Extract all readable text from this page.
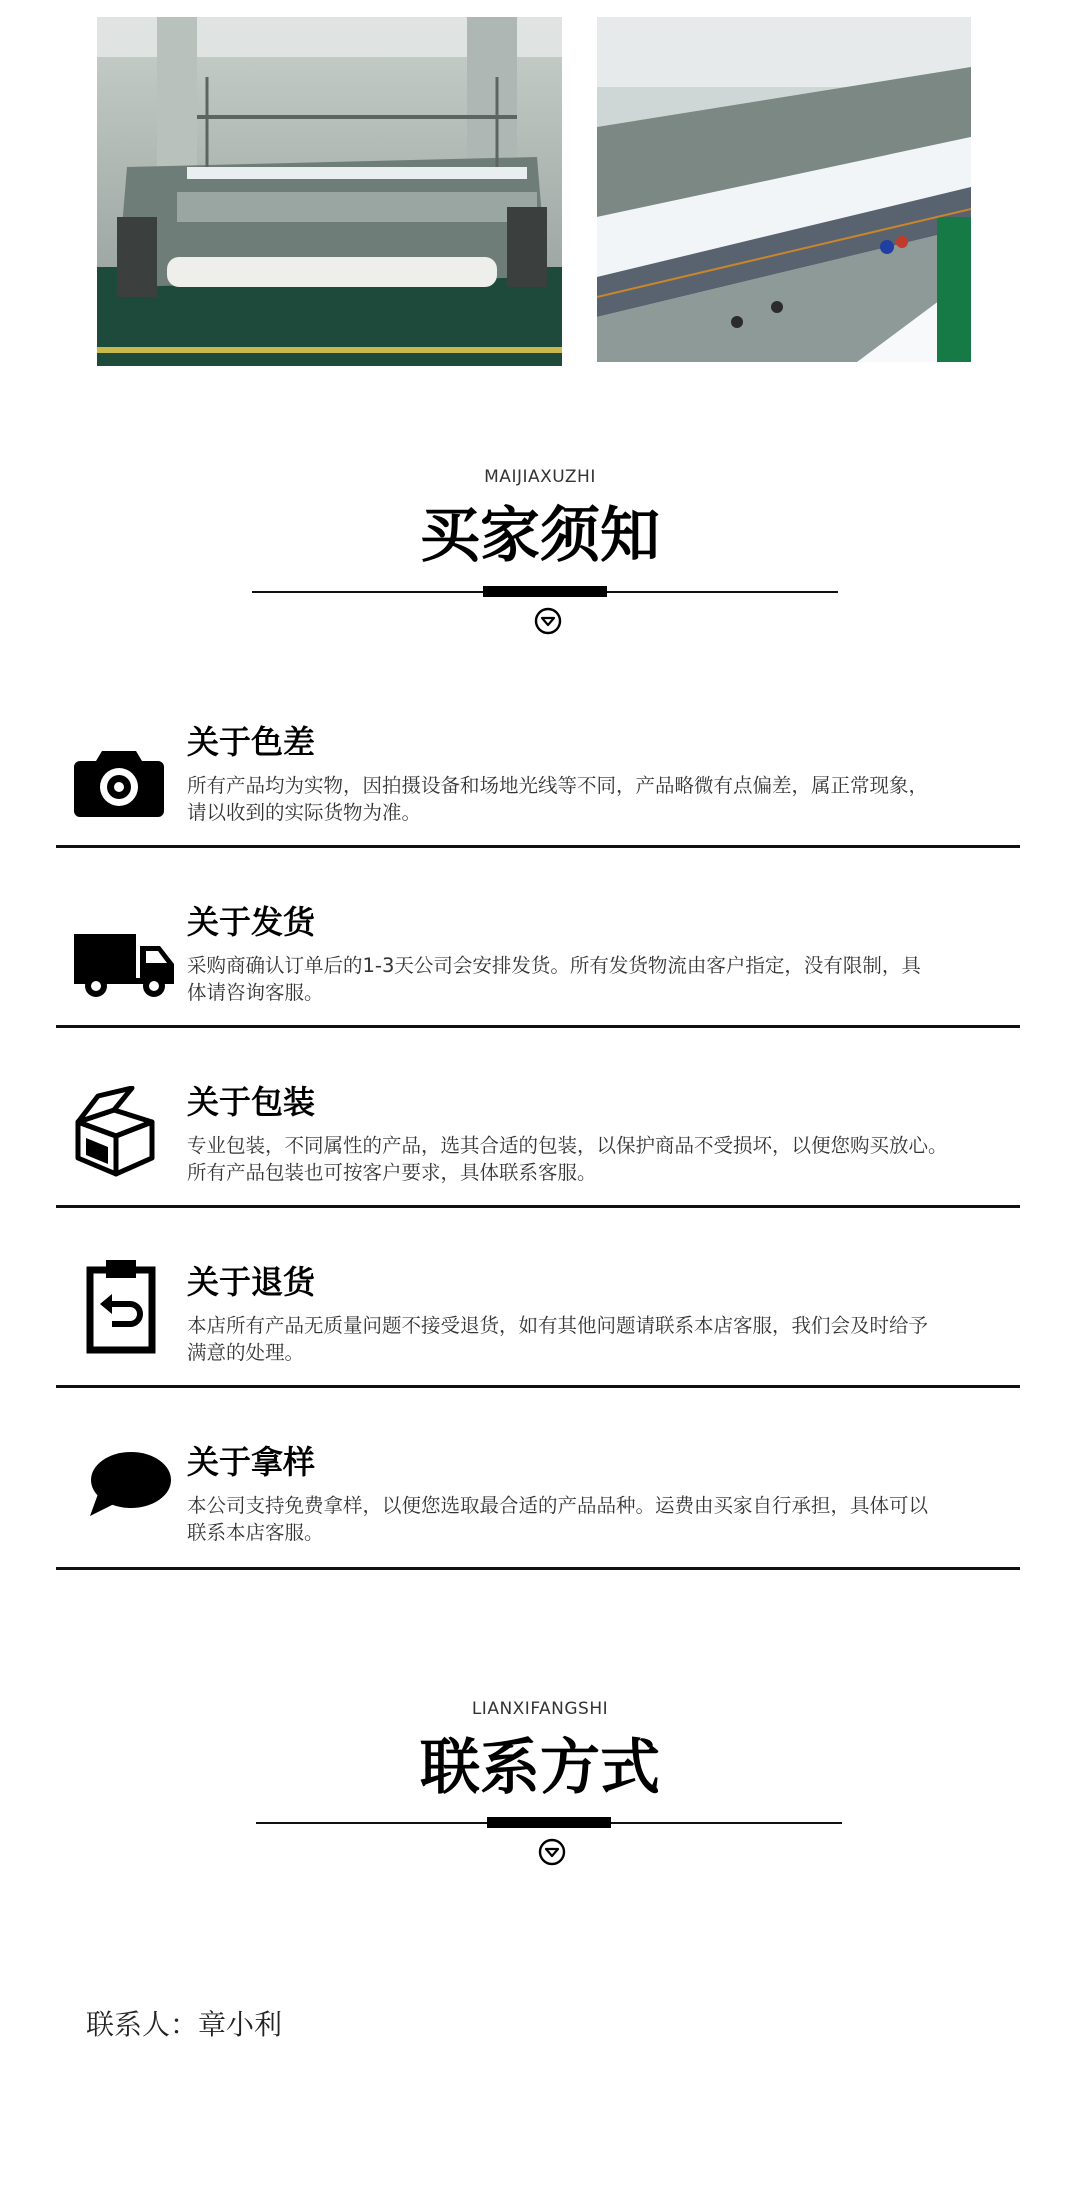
MAIJIAXUZHI
买家须知
关于色差
所有产品均为实物，因拍摄设备和场地光线等不同，产品略微有点偏差，属正常现象，
请以收到的实际货物为准。
关于发货
采购商确认订单后的1-3天公司会安排发货。所有发货物流由客户指定，没有限制，具
体请咨询客服。
关于包装
专业包装，不同属性的产品，选其合适的包装，以保护商品不受损坏，以便您购买放心。
所有产品包装也可按客户要求，具体联系客服。
关于退货
本店所有产品无质量问题不接受退货，如有其他问题请联系本店客服，我们会及时给予
满意的处理。
关于拿样
本公司支持免费拿样，以便您选取最合适的产品品种。运费由买家自行承担，具体可以
联系本店客服。
LIANXIFANGSHI
联系方式
联系人：章小利
